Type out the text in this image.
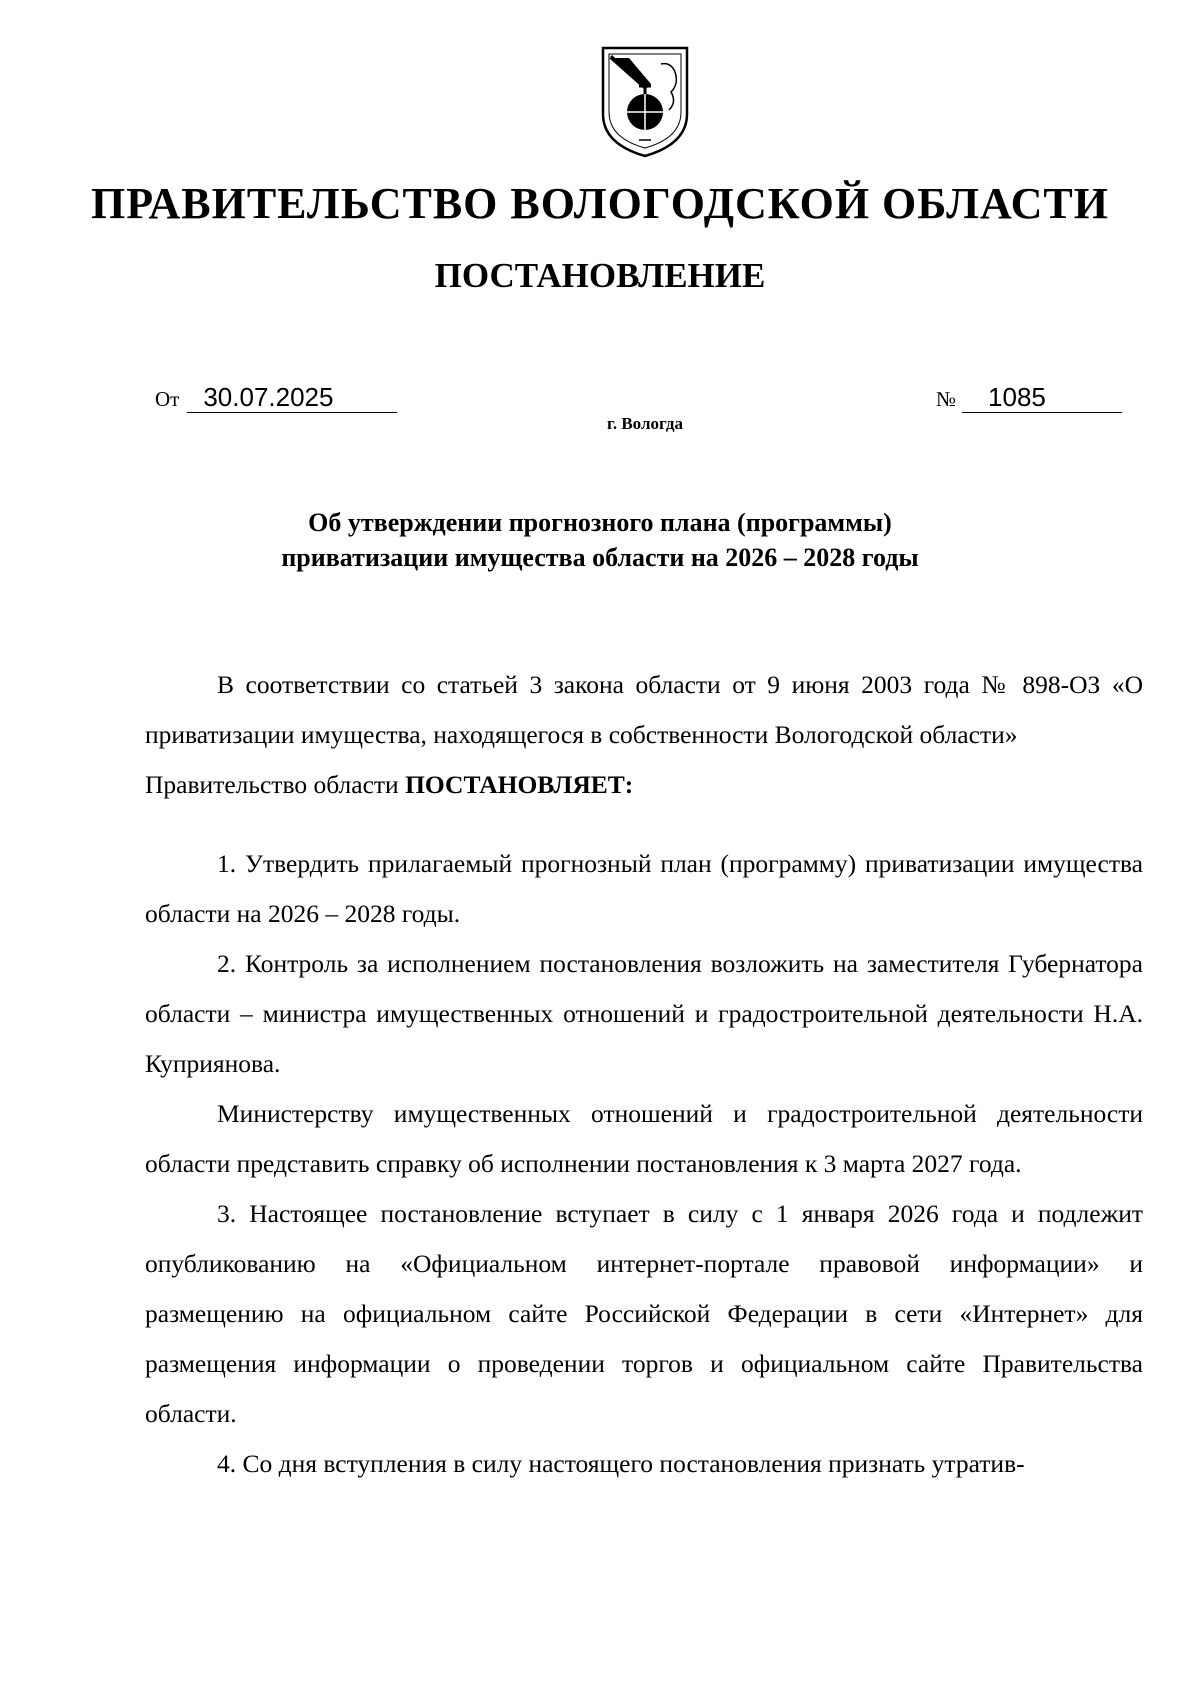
ПРАВИТЕЛЬСТВО ВОЛОГОДСКОЙ ОБЛАСТИ
ПОСТАНОВЛЕНИЕ
От 30.07.2025	№ 1085
г. Вологда
Об утверждении прогнозного плана (программы)
приватизации имущества области на 2026 – 2028 годы

В соответствии со статьей 3 закона области от 9 июня 2003 года № 898-ОЗ «О приватизации имущества, находящегося в собственности Вологодской области»

Правительство области ПОСТАНОВЛЯЕТ:

1. Утвердить прилагаемый прогнозный план (программу) приватизации имущества области на 2026 – 2028 годы.

2. Контроль за исполнением постановления возложить на заместителя Губернатора области – министра имущественных отношений и градостроительной деятельности Н.А. Куприянова.

Министерству имущественных отношений и градостроительной деятельности области представить справку об исполнении постановления к 3 марта 2027 года.

3. Настоящее постановление вступает в силу с 1 января 2026 года и подлежит опубликованию на «Официальном интернет-портале правовой информации» и размещению на официальном сайте Российской Федерации в сети «Интернет» для размещения информации о проведении торгов и официальном сайте Правительства области.

4. Со дня вступления в силу настоящего постановления признать утратив-
